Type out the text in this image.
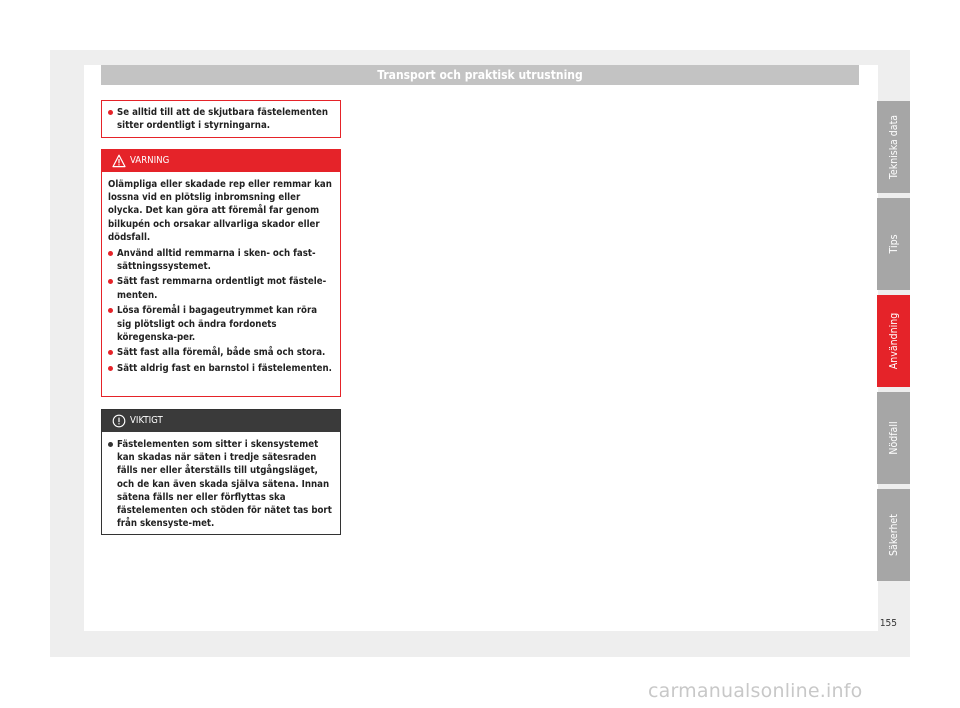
Transport och praktisk utrustning
Se alltid till att de skjutbara fästelementen sitter ordentligt i styrningarna.
VARNING

Olämpliga eller skadade rep eller remmar kan lossna vid en plötslig inbromsning eller olycka. Det kan göra att föremål far genom bilkupén och orsakar allvarliga skador eller dödsfall.

Använd alltid remmarna i sken- och fast-sättningssystemet.
Sätt fast remmarna ordentligt mot fästele-menten.
Lösa föremål i bagageutrymmet kan röra sig plötsligt och ändra fordonets köregenska-per.
Sätt fast alla föremål, både små och stora.
Sätt aldrig fast en barnstol i fästelementen.
VIKTIGT
Fästelementen som sitter i skensystemet kan skadas när säten i tredje sätesraden fälls ner eller återställs till utgångsläget, och de kan även skada själva sätena. Innan sätena fälls ner eller förflyttas ska fästelementen och stöden för nätet tas bort från skensyste-met.
Tekniska data
Tips
Användning
Nödfall
Säkerhet
155
carmanualsonline.info
